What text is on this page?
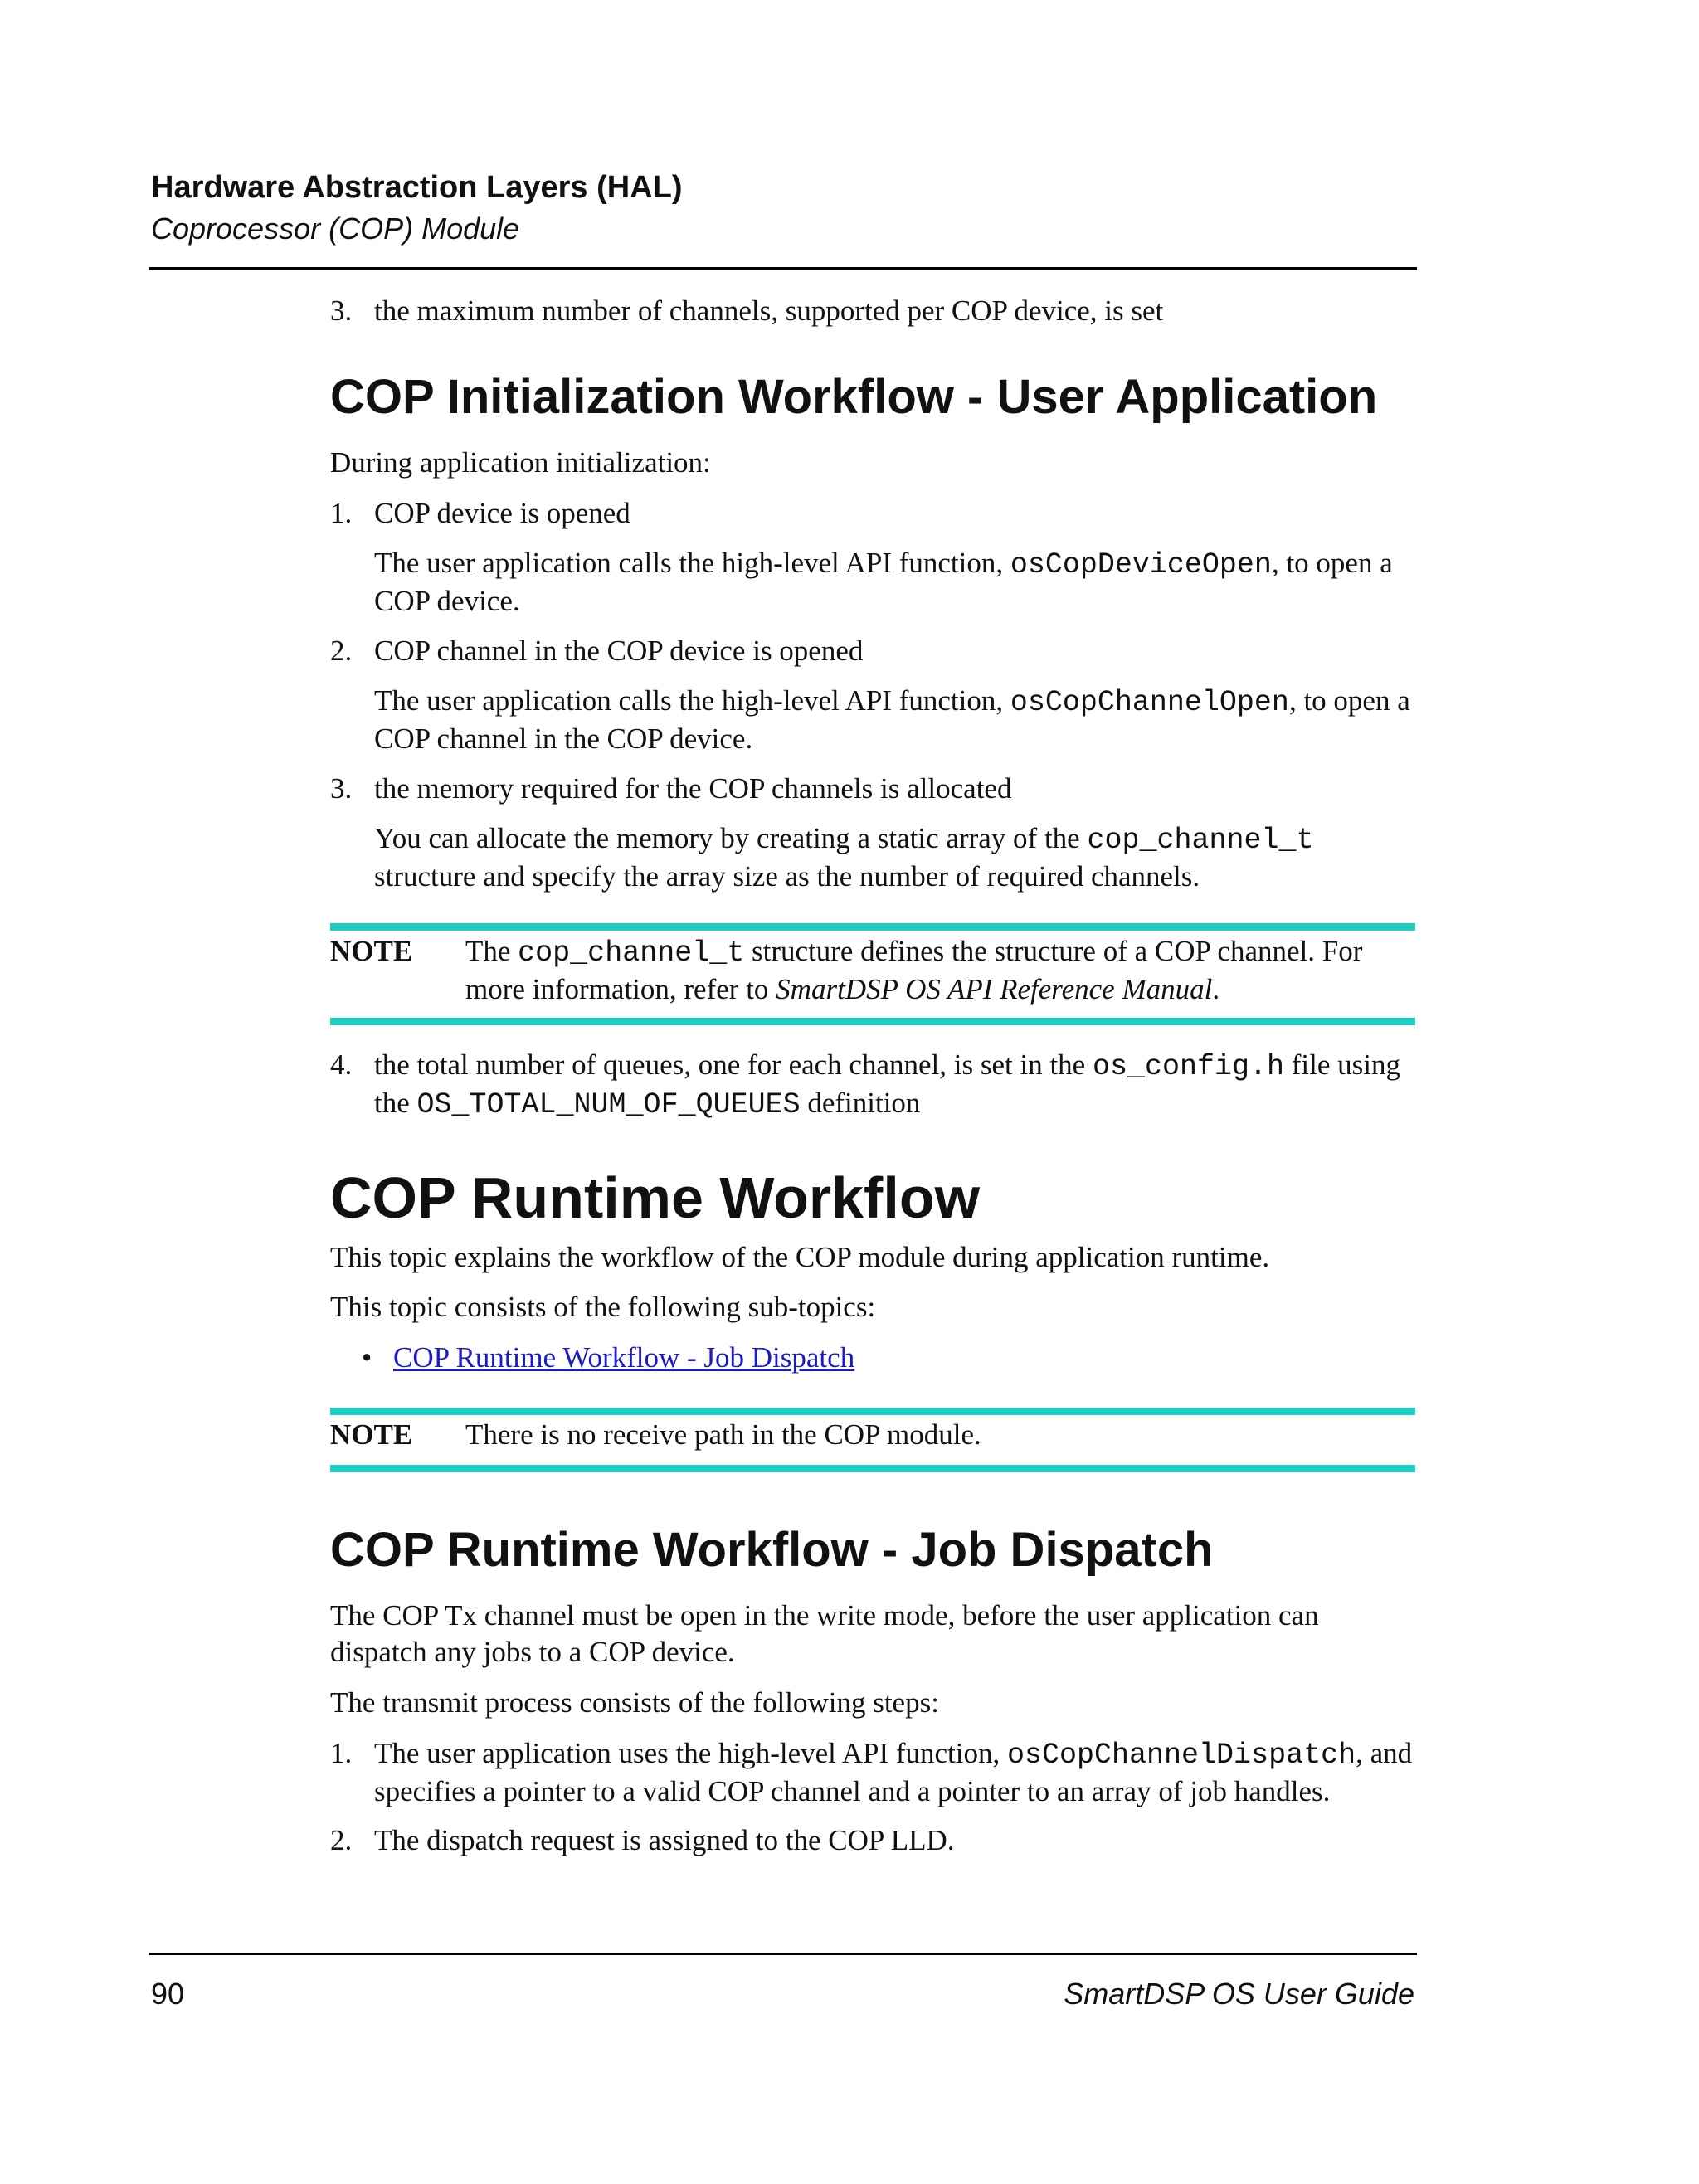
Hardware Abstraction Layers (HAL)
Coprocessor (COP) Module
3. the maximum number of channels, supported per COP device, is set
COP Initialization Workflow - User Application
During application initialization:
1. COP device is opened
The user application calls the high-level API function, osCopDeviceOpen, to open a COP device.
2. COP channel in the COP device is opened
The user application calls the high-level API function, osCopChannelOpen, to open a COP channel in the COP device.
3. the memory required for the COP channels is allocated
You can allocate the memory by creating a static array of the cop_channel_t structure and specify the array size as the number of required channels.
NOTE The cop_channel_t structure defines the structure of a COP channel. For more information, refer to SmartDSP OS API Reference Manual.
4. the total number of queues, one for each channel, is set in the os_config.h file using the OS_TOTAL_NUM_OF_QUEUES definition
COP Runtime Workflow
This topic explains the workflow of the COP module during application runtime.
This topic consists of the following sub-topics:
• COP Runtime Workflow - Job Dispatch
NOTE There is no receive path in the COP module.
COP Runtime Workflow - Job Dispatch
The COP Tx channel must be open in the write mode, before the user application can dispatch any jobs to a COP device.
The transmit process consists of the following steps:
1. The user application uses the high-level API function, osCopChannelDispatch, and specifies a pointer to a valid COP channel and a pointer to an array of job handles.
2. The dispatch request is assigned to the COP LLD.
90	SmartDSP OS User Guide
